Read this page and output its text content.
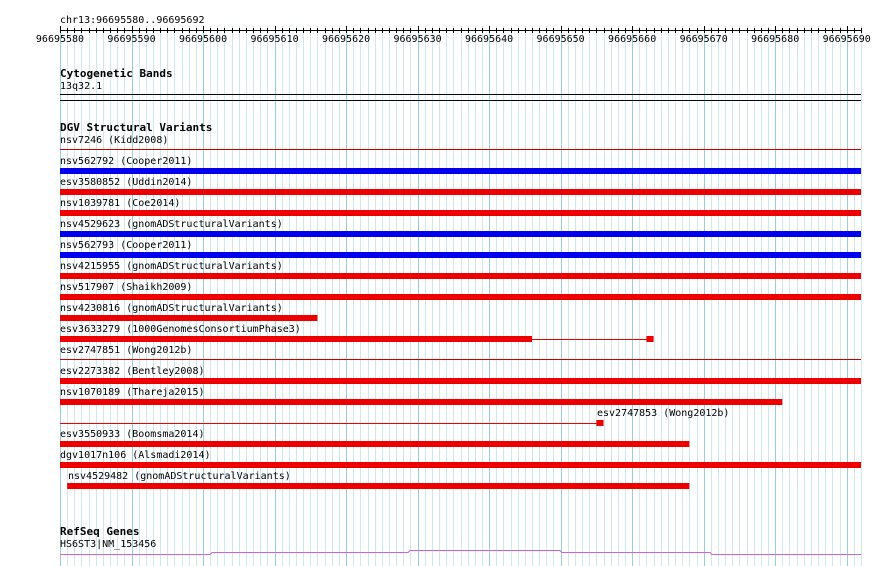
chr13:96695580..96695692
96695580	96695590	96695600	96695610	96695620	96695630	96695640	96695650	96695660	96695670	96695680	96695690
Cytogenetic Bands
13q32.1
DGV Structural Variants
nsv7246 (Kidd2008)
nsv562792 (Cooper2011)
esv3580852 (Uddin2014)
nsv1039781 (Coe2014)
nsv4529623 (gnomADStructuralVariants)
nsv562793 (Cooper2011)
nsv4215955 (gnomADStructuralVariants)
nsv517907 (Shaikh2009)
nsv4230816 (gnomADStructuralVariants)
esv3633279 (1000GenomesConsortiumPhase3)
esv2747851 (Wong2012b)
esv2273382 (Bentley2008)
nsv1070189 (Thareja2015)
esv2747853 (Wong2012b)
esv3550933 (Boomsma2014)
dgv1017n106 (Alsmadi2014)
nsv4529482 (gnomADStructuralVariants)
RefSeq Genes
HS6ST3|NM_153456
